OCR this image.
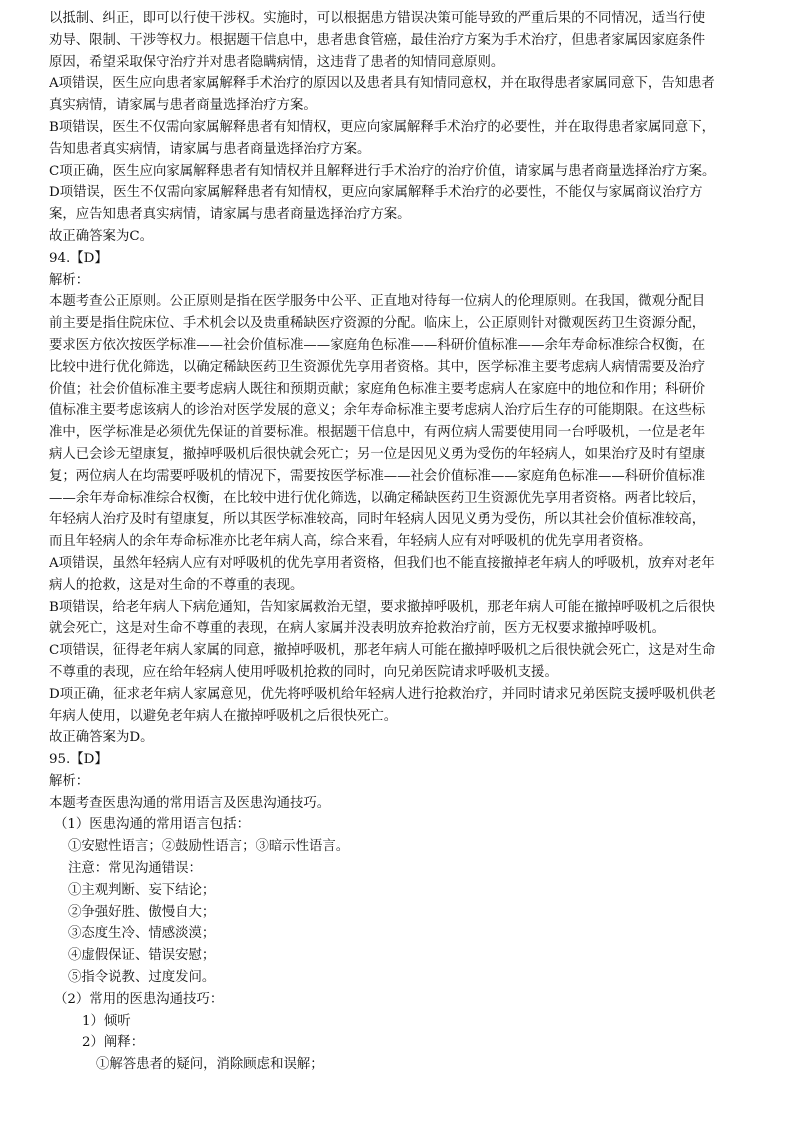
以抵制、纠正，即可以行使干涉权。实施时，可以根据患方错误决策可能导致的严重后果的不同情况，适当行使
劝导、限制、干涉等权力。根据题干信息中，患者患食管癌，最佳治疗方案为手术治疗，但患者家属因家庭条件
原因，希望采取保守治疗并对患者隐瞒病情，这违背了患者的知情同意原则。
A项错误，医生应向患者家属解释手术治疗的原因以及患者具有知情同意权，并在取得患者家属同意下，告知患者
真实病情，请家属与患者商量选择治疗方案。
B项错误，医生不仅需向家属解释患者有知情权，更应向家属解释手术治疗的必要性，并在取得患者家属同意下，
告知患者真实病情，请家属与患者商量选择治疗方案。
C项正确，医生应向家属解释患者有知情权并且解释进行手术治疗的治疗价值，请家属与患者商量选择治疗方案。
D项错误，医生不仅需向家属解释患者有知情权，更应向家属解释手术治疗的必要性，不能仅与家属商议治疗方
案，应告知患者真实病情，请家属与患者商量选择治疗方案。
故正确答案为C。
94.【D】
解析：
本题考查公正原则。公正原则是指在医学服务中公平、正直地对待每一位病人的伦理原则。在我国，微观分配目
前主要是指住院床位、手术机会以及贵重稀缺医疗资源的分配。临床上，公正原则针对微观医药卫生资源分配，
要求医方依次按医学标准——社会价值标准——家庭角色标准——科研价值标准——余年寿命标准综合权衡，在
比较中进行优化筛选，以确定稀缺医药卫生资源优先享用者资格。其中，医学标准主要考虑病人病情需要及治疗
价值；社会价值标准主要考虑病人既往和预期贡献；家庭角色标准主要考虑病人在家庭中的地位和作用；科研价
值标准主要考虑该病人的诊治对医学发展的意义；余年寿命标准主要考虑病人治疗后生存的可能期限。在这些标
准中，医学标准是必须优先保证的首要标准。根据题干信息中，有两位病人需要使用同一台呼吸机，一位是老年
病人已会诊无望康复，撤掉呼吸机后很快就会死亡；另一位是因见义勇为受伤的年轻病人，如果治疗及时有望康
复；两位病人在均需要呼吸机的情况下，需要按医学标准——社会价值标准——家庭角色标准——科研价值标准
——余年寿命标准综合权衡，在比较中进行优化筛选，以确定稀缺医药卫生资源优先享用者资格。两者比较后，
年轻病人治疗及时有望康复，所以其医学标准较高，同时年轻病人因见义勇为受伤，所以其社会价值标准较高，
而且年轻病人的余年寿命标准亦比老年病人高，综合来看，年轻病人应有对呼吸机的优先享用者资格。
A项错误，虽然年轻病人应有对呼吸机的优先享用者资格，但我们也不能直接撤掉老年病人的呼吸机，放弃对老年
病人的抢救，这是对生命的不尊重的表现。
B项错误，给老年病人下病危通知，告知家属救治无望，要求撤掉呼吸机，那老年病人可能在撤掉呼吸机之后很快
就会死亡，这是对生命不尊重的表现，在病人家属并没表明放弃抢救治疗前，医方无权要求撤掉呼吸机。
C项错误，征得老年病人家属的同意，撤掉呼吸机，那老年病人可能在撤掉呼吸机之后很快就会死亡，这是对生命
不尊重的表现，应在给年轻病人使用呼吸机抢救的同时，向兄弟医院请求呼吸机支援。
D项正确，征求老年病人家属意见，优先将呼吸机给年轻病人进行抢救治疗，并同时请求兄弟医院支援呼吸机供老
年病人使用，以避免老年病人在撤掉呼吸机之后很快死亡。
故正确答案为D。
95.【D】
解析：
本题考查医患沟通的常用语言及医患沟通技巧。
（1）医患沟通的常用语言包括：
①安慰性语言；②鼓励性语言；③暗示性语言。
注意：常见沟通错误：
①主观判断、妄下结论；
②争强好胜、傲慢自大；
③态度生冷、情感淡漠；
④虚假保证、错误安慰；
⑤指令说教、过度发问。
（2）常用的医患沟通技巧：
1）倾听
2）阐释：
①解答患者的疑问，消除顾虑和误解；
